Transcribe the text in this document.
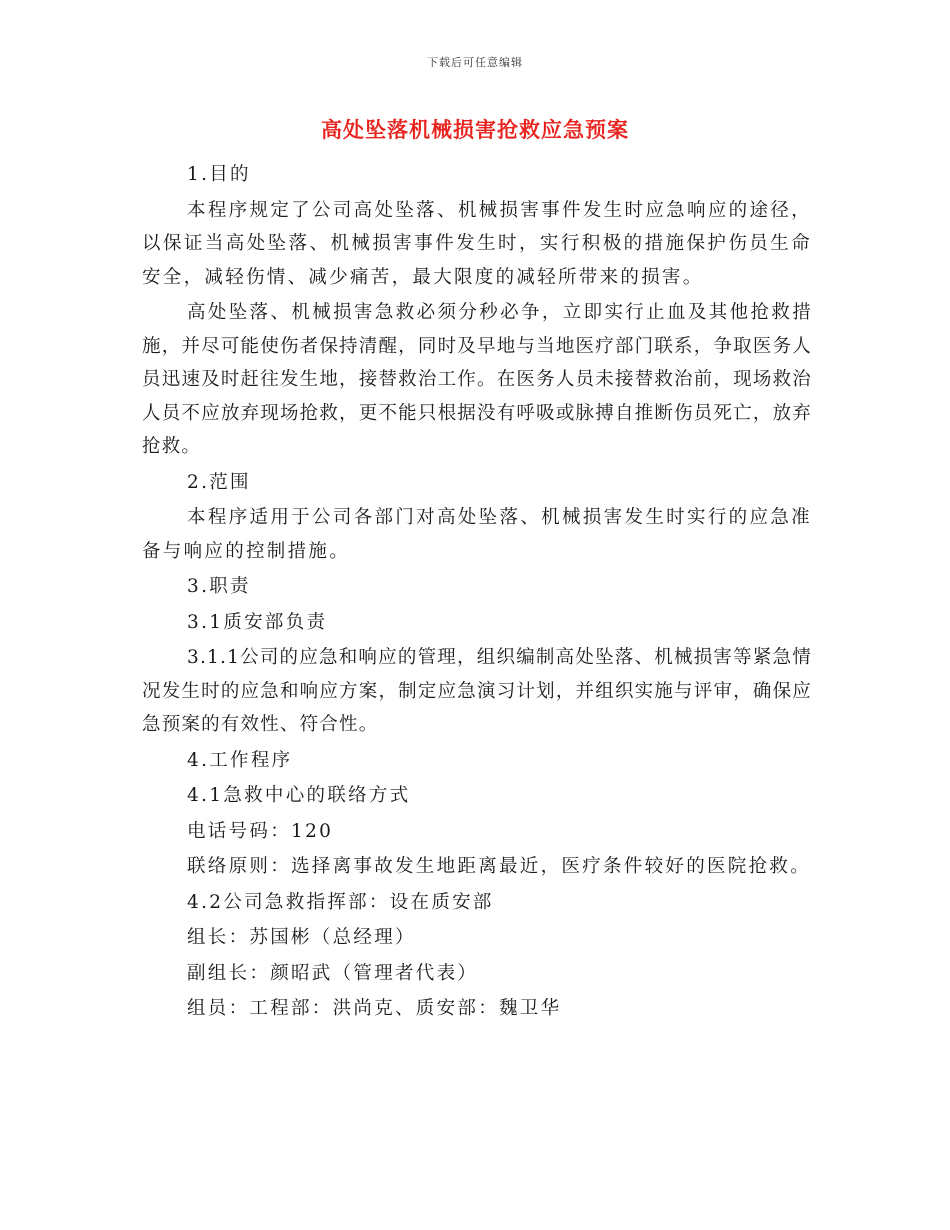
下载后可任意编辑
高处坠落机械损害抢救应急预案

1.目的

本程序规定了公司高处坠落、机械损害事件发生时应急响应的途径，以保证当高处坠落、机械损害事件发生时，实行积极的措施保护伤员生命安全，减轻伤情、减少痛苦，最大限度的减轻所带来的损害。

高处坠落、机械损害急救必须分秒必争，立即实行止血及其他抢救措施，并尽可能使伤者保持清醒，同时及早地与当地医疗部门联系，争取医务人员迅速及时赶往发生地，接替救治工作。在医务人员未接替救治前，现场救治人员不应放弃现场抢救，更不能只根据没有呼吸或脉搏自推断伤员死亡，放弃抢救。

2.范围

本程序适用于公司各部门对高处坠落、机械损害发生时实行的应急准备与响应的控制措施。

3.职责

3.1质安部负责

3.1.1公司的应急和响应的管理，组织编制高处坠落、机械损害等紧急情况发生时的应急和响应方案，制定应急演习计划，并组织实施与评审，确保应急预案的有效性、符合性。

4.工作程序

4.1急救中心的联络方式

电话号码：120

联络原则：选择离事故发生地距离最近，医疗条件较好的医院抢救。

4.2公司急救指挥部：设在质安部

组长：苏国彬（总经理）

副组长：颜昭武（管理者代表）

组员：工程部：洪尚克、质安部：魏卫华
